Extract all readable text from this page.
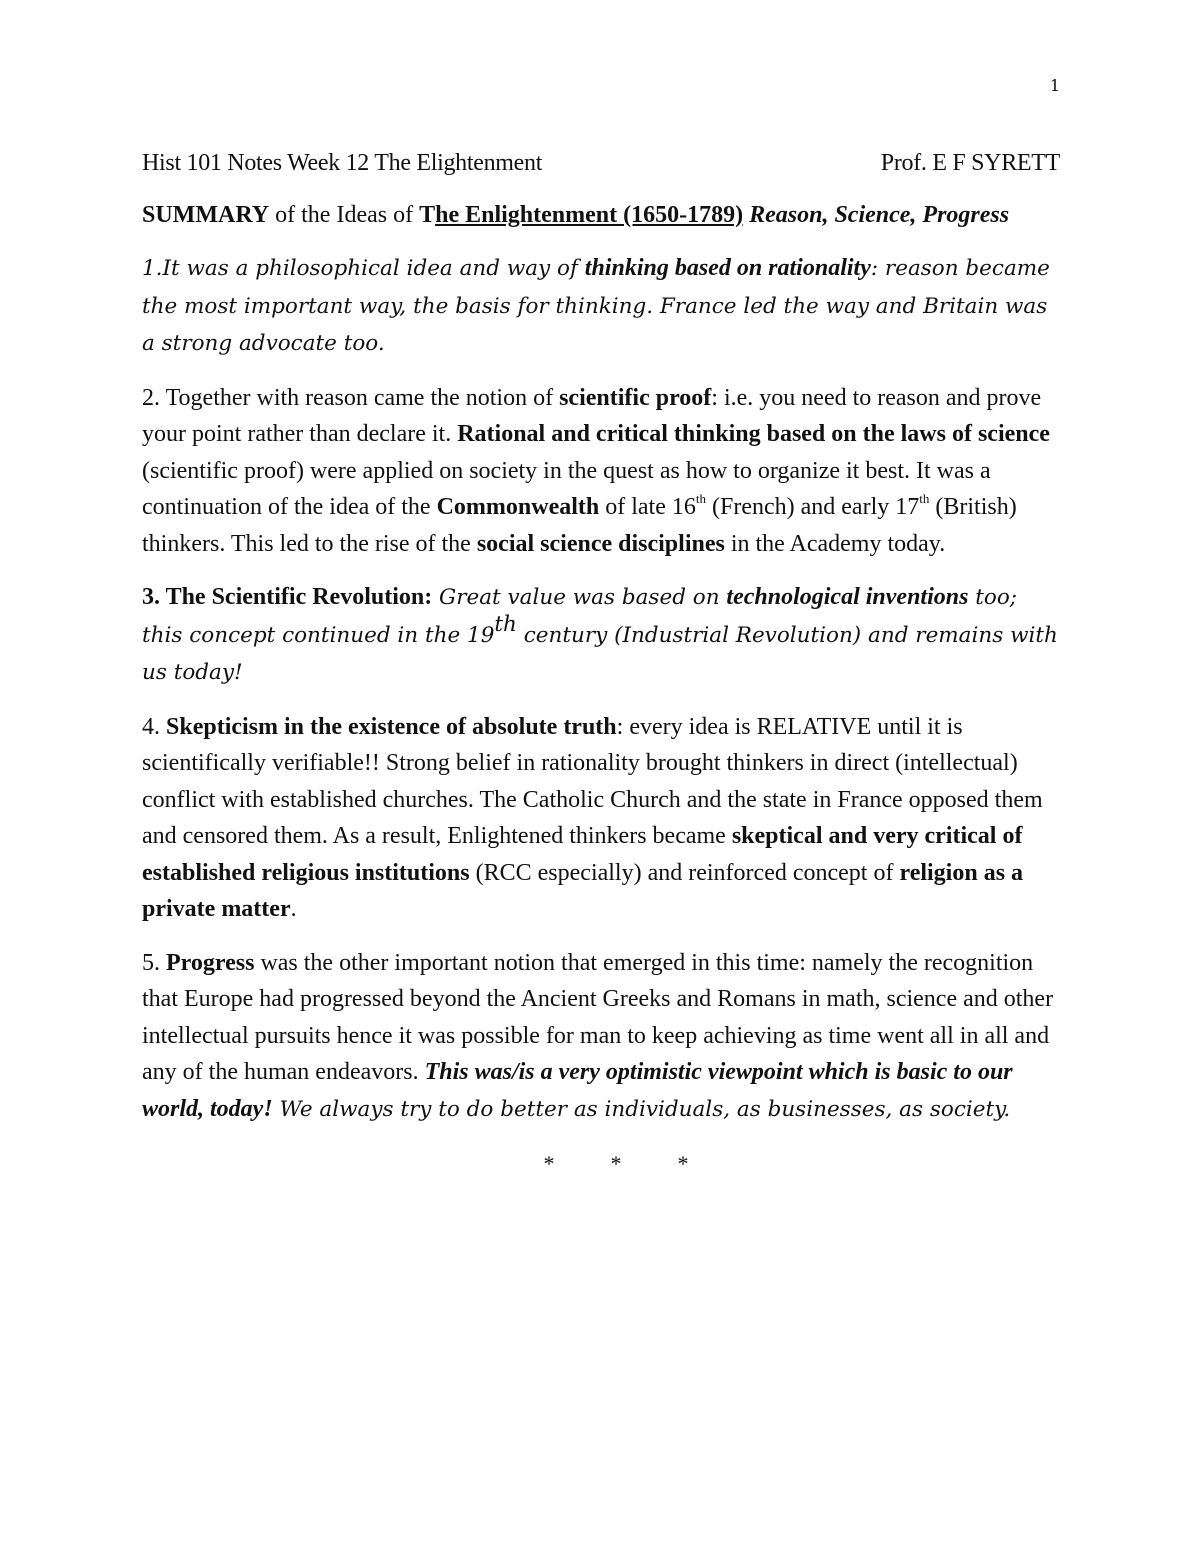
1
Hist 101 Notes Week 12 The Elightenment	Prof. E F SYRETT

SUMMARY of the Ideas of The Enlightenment (1650-1789) Reason, Science, Progress

1.It was a philosophical idea and way of thinking based on rationality: reason became the most important way, the basis for thinking. France led the way and Britain was a strong advocate too.

2. Together with reason came the notion of scientific proof: i.e. you need to reason and prove your point rather than declare it. Rational and critical thinking based on the laws of science (scientific proof) were applied on society in the quest as how to organize it best. It was a continuation of the idea of the Commonwealth of late 16th (French) and early 17th (British) thinkers. This led to the rise of the social science disciplines in the Academy today.

3. The Scientific Revolution: Great value was based on technological inventions too; this concept continued in the 19th century (Industrial Revolution) and remains with us today!

4. Skepticism in the existence of absolute truth: every idea is RELATIVE until it is scientifically verifiable!! Strong belief in rationality brought thinkers in direct (intellectual) conflict with established churches. The Catholic Church and the state in France opposed them and censored them. As a result, Enlightened thinkers became skeptical and very critical of established religious institutions (RCC especially) and reinforced concept of religion as a private matter.

5. Progress was the other important notion that emerged in this time: namely the recognition that Europe had progressed beyond the Ancient Greeks and Romans in math, science and other intellectual pursuits hence it was possible for man to keep achieving as time went all in all and any of the human endeavors. This was/is a very optimistic viewpoint which is basic to our world, today! We always try to do better as individuals, as businesses, as society.

*	*	*
